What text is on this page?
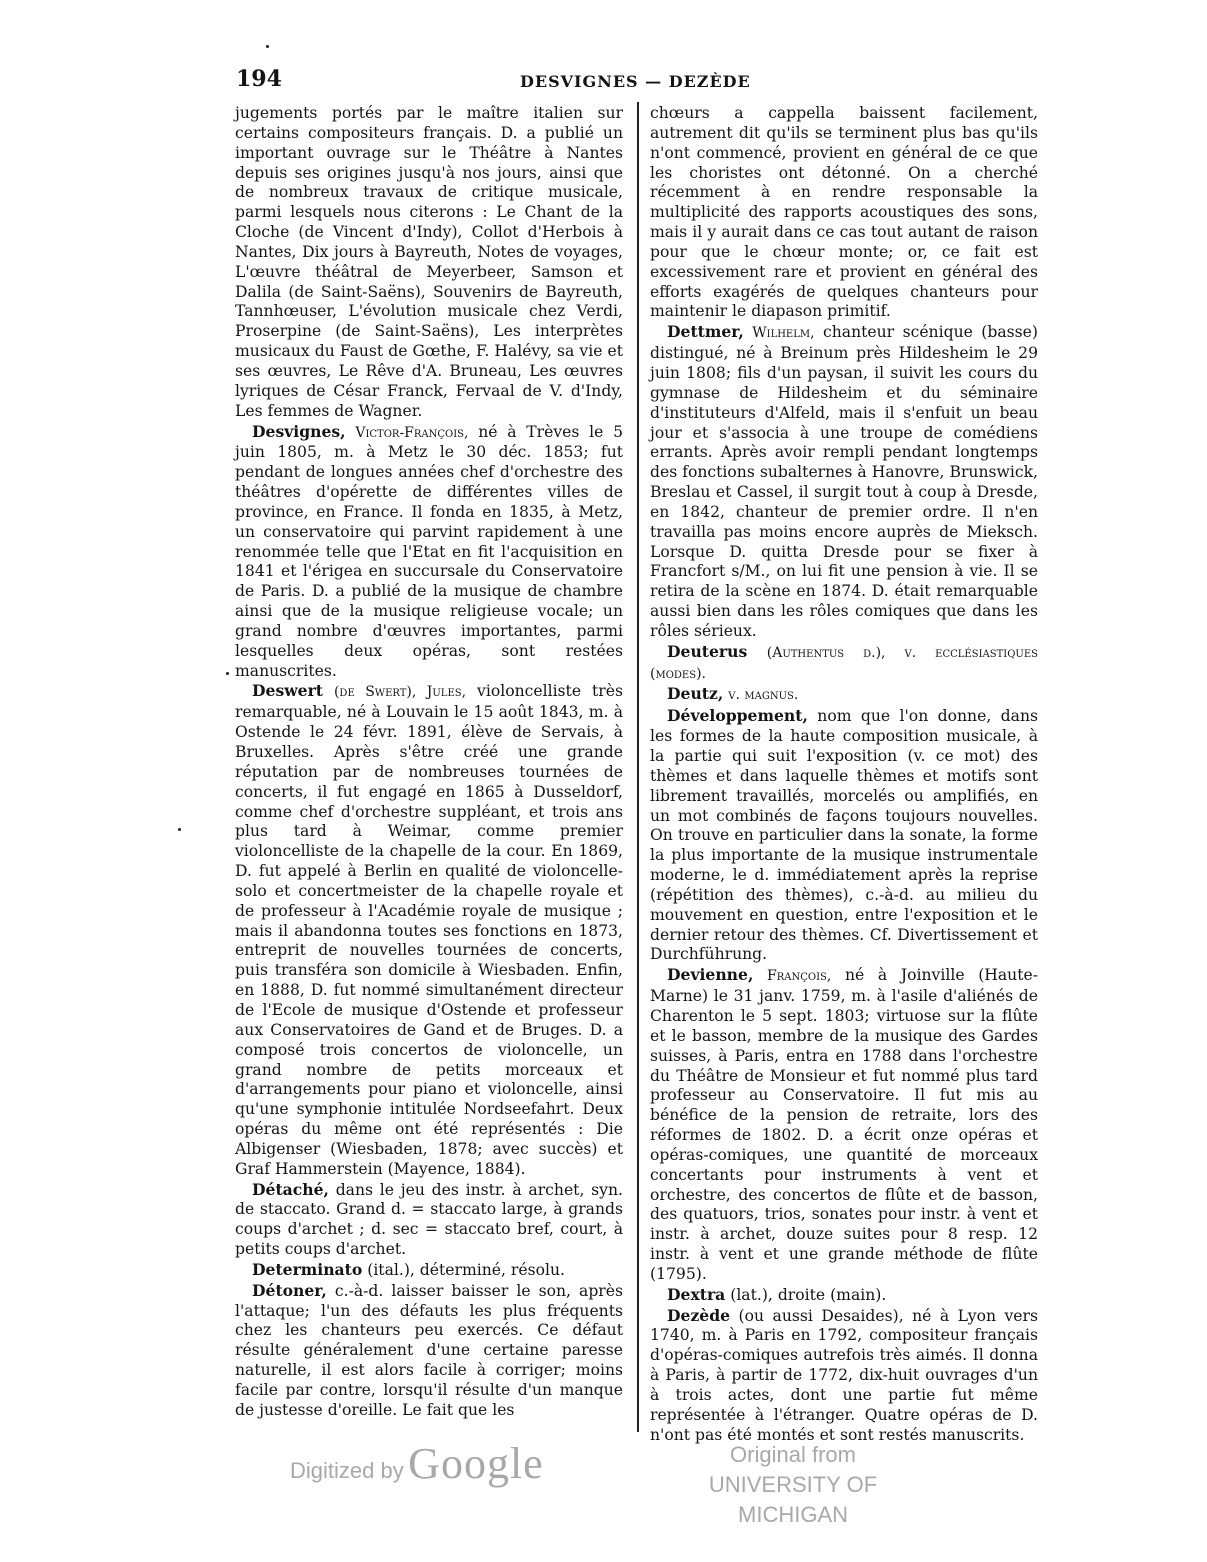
194	DESVIGNES — DEZÈDE

jugements portés par le maître italien sur certains compositeurs français. D. a publié un important ouvrage sur le Théâtre à Nantes depuis ses origines jusqu'à nos jours, ainsi que de nombreux travaux de critique musicale, parmi lesquels nous citerons : Le Chant de la Cloche (de Vincent d'Indy), Collot d'Herbois à Nantes, Dix jours à Bayreuth, Notes de voyages, L'œuvre théâtral de Meyerbeer, Samson et Dalila (de Saint-Saëns), Souvenirs de Bayreuth, Tannhœuser, L'évolution musicale chez Verdi, Proserpine (de Saint-Saëns), Les interprètes musicaux du Faust de Gœthe, F. Halévy, sa vie et ses œuvres, Le Rêve d'A. Bruneau, Les œuvres lyriques de César Franck, Fervaal de V. d'Indy, Les femmes de Wagner.

Desvignes, Victor-François, né à Trèves le 5 juin 1805, m. à Metz le 30 déc. 1853; fut pendant de longues années chef d'orchestre des théâtres d'opérette de différentes villes de province, en France. Il fonda en 1835, à Metz, un conservatoire qui parvint rapidement à une renommée telle que l'Etat en fit l'acquisition en 1841 et l'érigea en succursale du Conservatoire de Paris. D. a publié de la musique de chambre ainsi que de la musique religieuse vocale; un grand nombre d'œuvres importantes, parmi lesquelles deux opéras, sont restées manuscrites.

Deswert (de Swert), Jules, violoncelliste très remarquable, né à Louvain le 15 août 1843, m. à Ostende le 24 févr. 1891, élève de Servais, à Bruxelles. Après s'être créé une grande réputation par de nombreuses tournées de concerts, il fut engagé en 1865 à Dusseldorf, comme chef d'orchestre suppléant, et trois ans plus tard à Weimar, comme premier violoncelliste de la chapelle de la cour. En 1869, D. fut appelé à Berlin en qualité de violoncelle-solo et concertmeister de la chapelle royale et de professeur à l'Académie royale de musique ; mais il abandonna toutes ses fonctions en 1873, entreprit de nouvelles tournées de concerts, puis transféra son domicile à Wiesbaden. Enfin, en 1888, D. fut nommé simultanément directeur de l'Ecole de musique d'Ostende et professeur aux Conservatoires de Gand et de Bruges. D. a composé trois concertos de violoncelle, un grand nombre de petits morceaux et d'arrangements pour piano et violoncelle, ainsi qu'une symphonie intitulée Nordseefahrt. Deux opéras du même ont été représentés : Die Albigenser (Wiesbaden, 1878; avec succès) et Graf Hammerstein (Mayence, 1884).

Détaché, dans le jeu des instr. à archet, syn. de staccato. Grand d. = staccato large, à grands coups d'archet ; d. sec = staccato bref, court, à petits coups d'archet.

Determinato (ital.), déterminé, résolu.

Détoner, c.-à-d. laisser baisser le son, après l'attaque; l'un des défauts les plus fréquents chez les chanteurs peu exercés. Ce défaut résulte généralement d'une certaine paresse naturelle, il est alors facile à corriger; moins facile par contre, lorsqu'il résulte d'un manque de justesse d'oreille. Le fait que les

chœurs a cappella baissent facilement, autrement dit qu'ils se terminent plus bas qu'ils n'ont commencé, provient en général de ce que les choristes ont détonné. On a cherché récemment à en rendre responsable la multiplicité des rapports acoustiques des sons, mais il y aurait dans ce cas tout autant de raison pour que le chœur monte; or, ce fait est excessivement rare et provient en général des efforts exagérés de quelques chanteurs pour maintenir le diapason primitif.

Dettmer, Wilhelm, chanteur scénique (basse) distingué, né à Breinum près Hildesheim le 29 juin 1808; fils d'un paysan, il suivit les cours du gymnase de Hildesheim et du séminaire d'instituteurs d'Alfeld, mais il s'enfuit un beau jour et s'associa à une troupe de comédiens errants. Après avoir rempli pendant longtemps des fonctions subalternes à Hanovre, Brunswick, Breslau et Cassel, il surgit tout à coup à Dresde, en 1842, chanteur de premier ordre. Il n'en travailla pas moins encore auprès de Mieksch. Lorsque D. quitta Dresde pour se fixer à Francfort s/M., on lui fit une pension à vie. Il se retira de la scène en 1874. D. était remarquable aussi bien dans les rôles comiques que dans les rôles sérieux.

Deuterus (Authentus d.), v. ecclésiastiques (modes).

Deutz, v. magnus.

Développement, nom que l'on donne, dans les formes de la haute composition musicale, à la partie qui suit l'exposition (v. ce mot) des thèmes et dans laquelle thèmes et motifs sont librement travaillés, morcelés ou amplifiés, en un mot combinés de façons toujours nouvelles. On trouve en particulier dans la sonate, la forme la plus importante de la musique instrumentale moderne, le d. immédiatement après la reprise (répétition des thèmes), c.-à-d. au milieu du mouvement en question, entre l'exposition et le dernier retour des thèmes. Cf. Divertissement et Durchführung.

Devienne, François, né à Joinville (Haute-Marne) le 31 janv. 1759, m. à l'asile d'aliénés de Charenton le 5 sept. 1803; virtuose sur la flûte et le basson, membre de la musique des Gardes suisses, à Paris, entra en 1788 dans l'orchestre du Théâtre de Monsieur et fut nommé plus tard professeur au Conservatoire. Il fut mis au bénéfice de la pension de retraite, lors des réformes de 1802. D. a écrit onze opéras et opéras-comiques, une quantité de morceaux concertants pour instruments à vent et orchestre, des concertos de flûte et de basson, des quatuors, trios, sonates pour instr. à vent et instr. à archet, douze suites pour 8 resp. 12 instr. à vent et une grande méthode de flûte (1795).

Dextra (lat.), droite (main).

Dezède (ou aussi Desaides), né à Lyon vers 1740, m. à Paris en 1792, compositeur français d'opéras-comiques autrefois très aimés. Il donna à Paris, à partir de 1772, dix-huit ouvrages d'un à trois actes, dont une partie fut même représentée à l'étranger. Quatre opéras de D. n'ont pas été montés et sont restés manuscrits.

Digitized by Google	Original from
UNIVERSITY OF MICHIGAN
